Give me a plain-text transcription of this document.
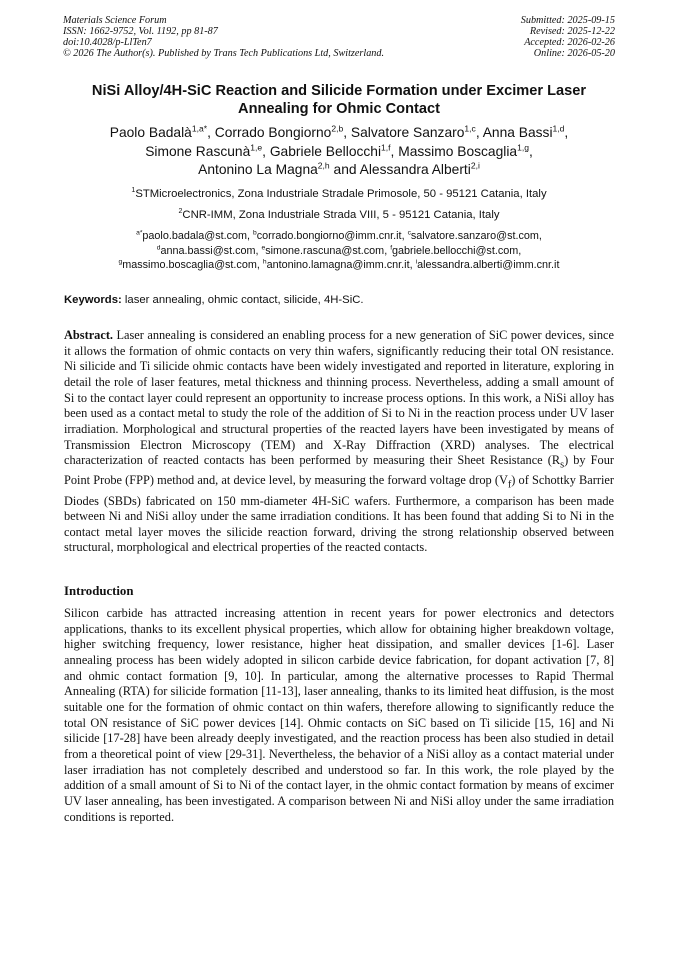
Materials Science Forum
ISSN: 1662-9752, Vol. 1192, pp 81-87
doi:10.4028/p-LlTen7
© 2026 The Author(s). Published by Trans Tech Publications Ltd, Switzerland.
Submitted: 2025-09-15
Revised: 2025-12-22
Accepted: 2026-02-26
Online: 2026-05-20
NiSi Alloy/4H-SiC Reaction and Silicide Formation under Excimer Laser
Annealing for Ohmic Contact
Paolo Badalà$^{1,a*}$, Corrado Bongiorno$^{2,b}$, Salvatore Sanzaro$^{1,c}$, Anna Bassi$^{1,d}$,
Simone Rascunà$^{1,e}$, Gabriele Bellocchi$^{1,f}$, Massimo Boscaglia$^{1,g}$,
Antonino La Magna$^{2,h}$ and Alessandra Alberti$^{2,i}$
$^1$STMicroelectronics, Zona Industriale Stradale Primosole, 50 - 95121 Catania, Italy
$^2$CNR-IMM, Zona Industriale Strada VIII, 5 - 95121 Catania, Italy
$^{a*}$paolo.badala@st.com, $^b$corrado.bongiorno@imm.cnr.it, $^c$salvatore.sanzaro@st.com,
$^d$anna.bassi@st.com, $^e$simone.rascuna@st.com, $^f$gabriele.bellocchi@st.com,
$^g$massimo.boscaglia@st.com, $^h$antonino.lamagna@imm.cnr.it, $^i$alessandra.alberti@imm.cnr.it
Keywords: laser annealing, ohmic contact, silicide, 4H-SiC.

Abstract. Laser annealing is considered an enabling process for a new generation of SiC power devices, since it allows the formation of ohmic contacts on very thin wafers, significantly reducing their total ON resistance. Ni silicide and Ti silicide ohmic contacts have been widely investigated and reported in literature, exploring in detail the role of laser features, metal thickness and thinning process. Nevertheless, adding a small amount of Si to the contact layer could represent an opportunity to increase process options. In this work, a NiSi alloy has been used as a contact metal to study the role of the addition of Si to Ni in the reaction process under UV laser irradiation. Morphological and structural properties of the reacted layers have been investigated by means of Transmission Electron Microscopy (TEM) and X-Ray Diffraction (XRD) analyses. The electrical characterization of reacted contacts has been performed by measuring their Sheet Resistance $(R_s)$ by Four Point Probe (FPP) method and, at device level, by measuring the forward voltage drop $(V_f)$ of Schottky Barrier Diodes (SBDs) fabricated on 150 mm-diameter 4H-SiC wafers. Furthermore, a comparison has been made between Ni and NiSi alloy under the same irradiation conditions. It has been found that adding Si to Ni in the contact metal layer moves the silicide reaction forward, driving the strong relationship observed between structural, morphological and electrical properties of the reacted contacts.

Introduction

Silicon carbide has attracted increasing attention in recent years for power electronics and detectors applications, thanks to its excellent physical properties, which allow for obtaining higher breakdown voltage, higher switching frequency, lower resistance, higher heat dissipation, and smaller devices [1-6]. Laser annealing process has been widely adopted in silicon carbide device fabrication, for dopant activation [7, 8] and ohmic contact formation [9, 10]. In particular, among the alternative processes to Rapid Thermal Annealing (RTA) for silicide formation [11-13], laser annealing, thanks to its limited heat diffusion, is the most suitable one for the formation of ohmic contact on thin wafers, therefore allowing to significantly reduce the total ON resistance of SiC power devices [14]. Ohmic contacts on SiC based on Ti silicide [15, 16] and Ni silicide [17-28] have been already deeply investigated, and the reaction process has been also studied in detail from a theoretical point of view [29-31]. Nevertheless, the behavior of a NiSi alloy as a contact material under laser irradiation has not completely described and understood so far. In this work, the role played by the addition of a small amount of Si to Ni of the contact layer, in the ohmic contact formation by means of excimer UV laser annealing, has been investigated. A comparison between Ni and NiSi alloy under the same irradiation conditions is reported.
